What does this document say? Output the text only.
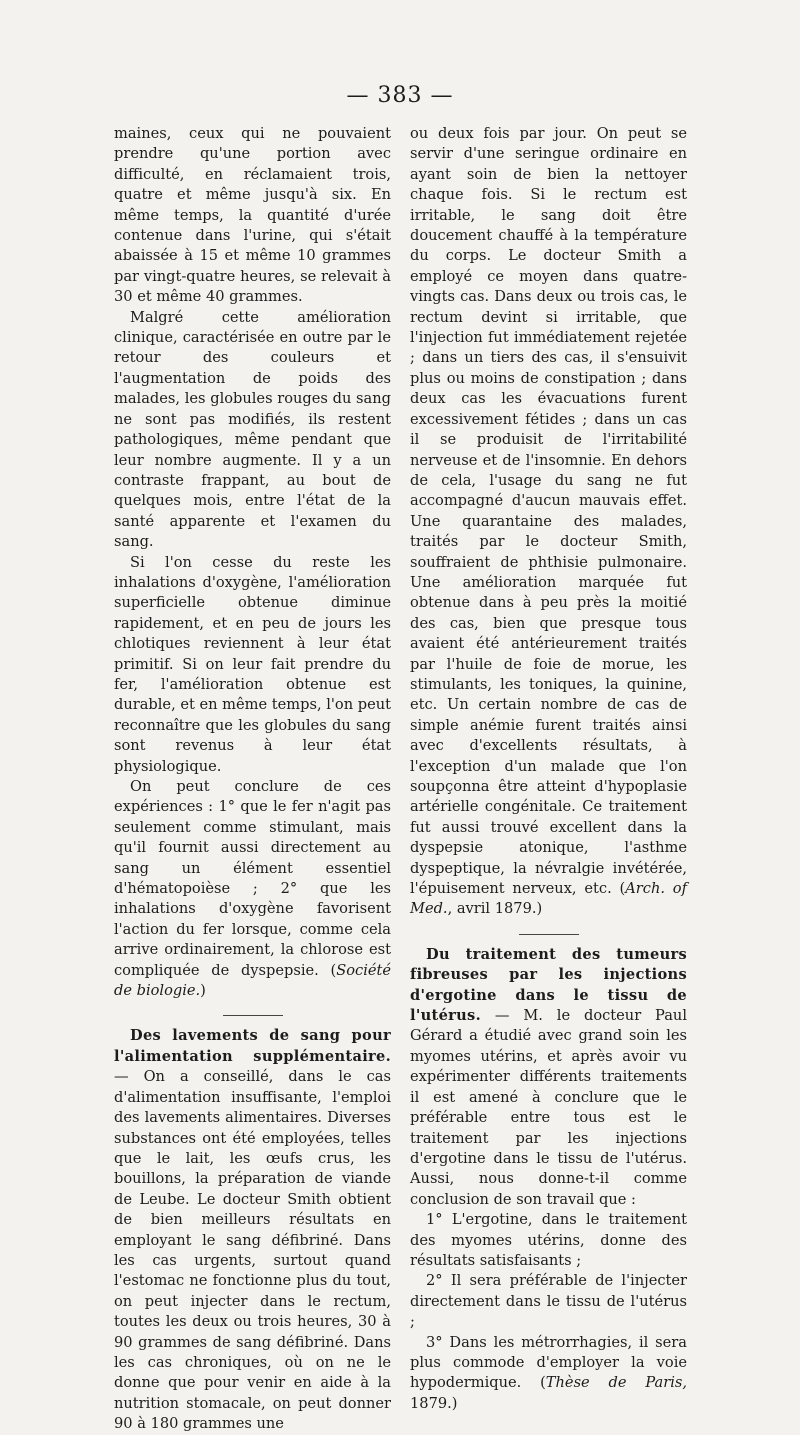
— 383 —

maines, ceux qui ne pouvaient prendre qu'une portion avec difficulté, en réclamaient trois, quatre et même jusqu'à six. En même temps, la quantité d'urée contenue dans l'urine, qui s'était abaissée à 15 et même 10 grammes par vingt-quatre heures, se relevait à 30 et même 40 grammes.

Malgré cette amélioration clinique, caractérisée en outre par le retour des couleurs et l'augmentation de poids des malades, les globules rouges du sang ne sont pas modifiés, ils restent pathologiques, même pendant que leur nombre augmente. Il y a un contraste frappant, au bout de quelques mois, entre l'état de la santé apparente et l'examen du sang.

Si l'on cesse du reste les inhalations d'oxygène, l'amélioration superficielle obtenue diminue rapidement, et en peu de jours les chlotiques reviennent à leur état primitif. Si on leur fait prendre du fer, l'amélioration obtenue est durable, et en même temps, l'on peut reconnaître que les globules du sang sont revenus à leur état physiologique.

On peut conclure de ces expériences : 1° que le fer n'agit pas seulement comme stimulant, mais qu'il fournit aussi directement au sang un élément essentiel d'hématopoièse ; 2° que les inhalations d'oxygène favorisent l'action du fer lorsque, comme cela arrive ordinairement, la chlorose est compliquée de dyspepsie. (Société de biologie.)

Des lavements de sang pour l'alimentation supplémentaire. — On a conseillé, dans le cas d'alimentation insuffisante, l'emploi des lavements alimentaires. Diverses substances ont été employées, telles que le lait, les œufs crus, les bouillons, la préparation de viande de Leube. Le docteur Smith obtient de bien meilleurs résultats en employant le sang défibriné. Dans les cas urgents, surtout quand l'estomac ne fonctionne plus du tout, on peut injecter dans le rectum, toutes les deux ou trois heures, 30 à 90 grammes de sang défibriné. Dans les cas chroniques, où on ne le donne que pour venir en aide à la nutrition stomacale, on peut donner 90 à 180 grammes une

ou deux fois par jour. On peut se servir d'une seringue ordinaire en ayant soin de bien la nettoyer chaque fois. Si le rectum est irritable, le sang doit être doucement chauffé à la température du corps. Le docteur Smith a employé ce moyen dans quatre-vingts cas. Dans deux ou trois cas, le rectum devint si irritable, que l'injection fut immédiatement rejetée ; dans un tiers des cas, il s'ensuivit plus ou moins de constipation ; dans deux cas les évacuations furent excessivement fétides ; dans un cas il se produisit de l'irritabilité nerveuse et de l'insomnie. En dehors de cela, l'usage du sang ne fut accompagné d'aucun mauvais effet. Une quarantaine des malades, traités par le docteur Smith, souffraient de phthisie pulmonaire. Une amélioration marquée fut obtenue dans à peu près la moitié des cas, bien que presque tous avaient été antérieurement traités par l'huile de foie de morue, les stimulants, les toniques, la quinine, etc. Un certain nombre de cas de simple anémie furent traités ainsi avec d'excellents résultats, à l'exception d'un malade que l'on soupçonna être atteint d'hypoplasie artérielle congénitale. Ce traitement fut aussi trouvé excellent dans la dyspepsie atonique, l'asthme dyspeptique, la névralgie invétérée, l'épuisement nerveux, etc. (Arch. of Med., avril 1879.)

Du traitement des tumeurs fibreuses par les injections d'ergotine dans le tissu de l'utérus. — M. le docteur Paul Gérard a étudié avec grand soin les myomes utérins, et après avoir vu expérimenter différents traitements il est amené à conclure que le préférable entre tous est le traitement par les injections d'ergotine dans le tissu de l'utérus. Aussi, nous donne-t-il comme conclusion de son travail que :

1° L'ergotine, dans le traitement des myomes utérins, donne des résultats satisfaisants ;

2° Il sera préférable de l'injecter directement dans le tissu de l'utérus ;

3° Dans les métrorrhagies, il sera plus commode d'employer la voie hypodermique. (Thèse de Paris, 1879.)
